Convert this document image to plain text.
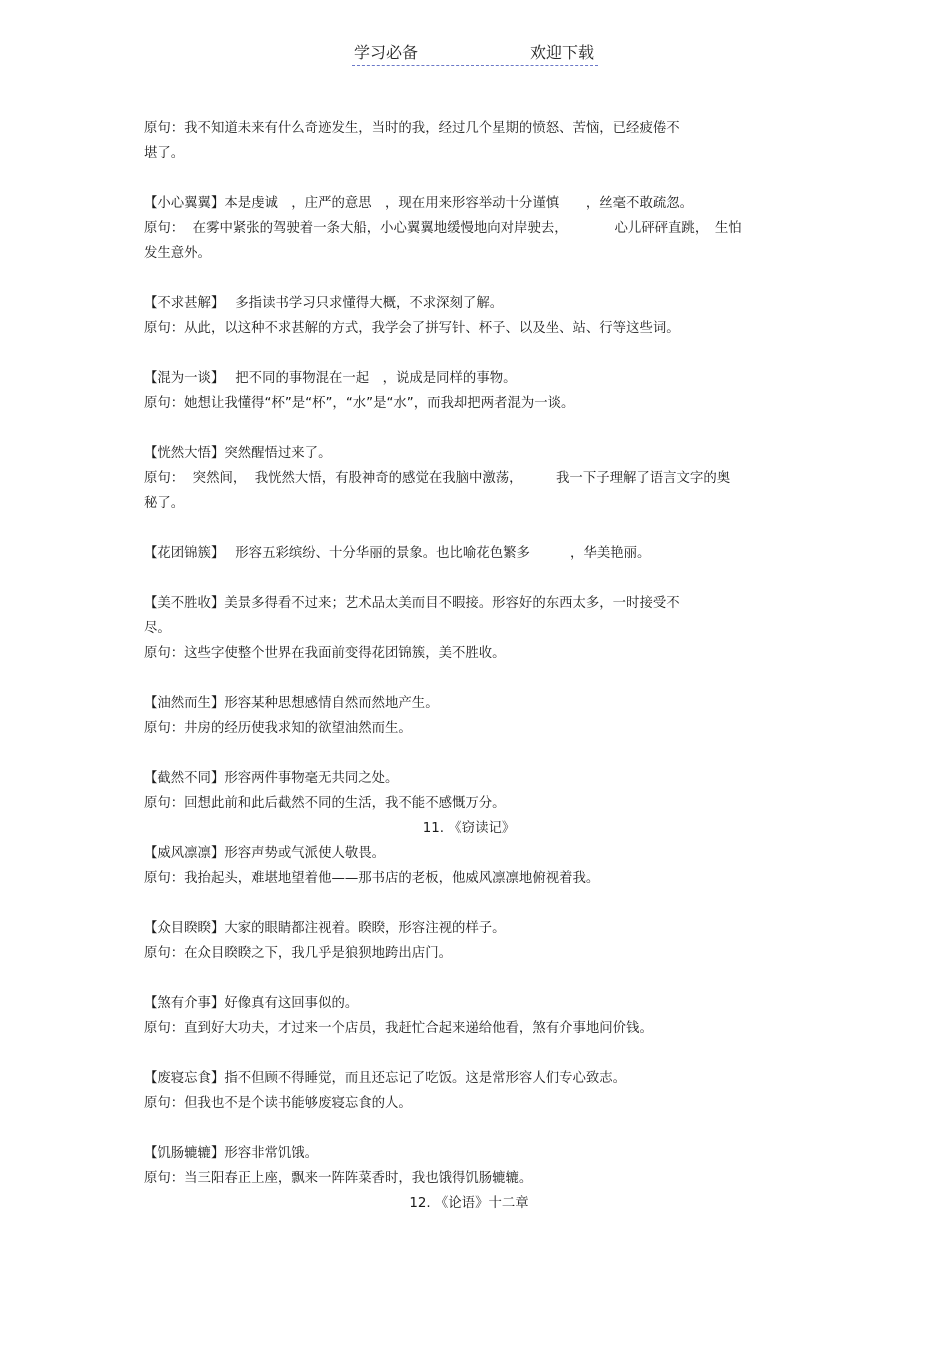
学习必备	欢迎下载
原句：我不知道未来有什么奇迹发生，当时的我，经过几个星期的愤怒、苦恼，已经疲倦不
堪了。
【小心翼翼】本是虔诚　，庄严的意思　，现在用来形容举动十分谨慎　　，丝毫不敢疏忽。
原句：  在雾中紧张的驾驶着一条大船，小心翼翼地缓慢地向对岸驶去，　　　　心儿砰砰直跳，　生怕
发生意外。
【不求甚解】　 多指读书学习只求懂得大概，不求深刻了解。
原句：从此，以这种不求甚解的方式，我学会了拼写针、杯子、以及坐、站、行等这些词。
【混为一谈】　 把不同的事物混在一起　，说成是同样的事物。
原句：她想让我懂得“杯”是“杯”，“水”是“水”，而我却把两者混为一谈。
【恍然大悟】突然醒悟过来了。
原句：  突然间，  我恍然大悟，有股神奇的感觉在我脑中激荡，　　　我一下子理解了语言文字的奥
秘了。
【花团锦簇】　 形容五彩缤纷、十分华丽的景象。也比喻花色繁多　　　，华美艳丽。
【美不胜收】美景多得看不过来；艺术品太美而目不暇接。形容好的东西太多，一时接受不
尽。
原句：这些字使整个世界在我面前变得花团锦簇，美不胜收。
【油然而生】形容某种思想感情自然而然地产生。
原句：井房的经历使我求知的欲望油然而生。
【截然不同】形容两件事物毫无共同之处。
原句：回想此前和此后截然不同的生活，我不能不感慨万分。
11. 《窃读记》
【威风凛凛】形容声势或气派使人敬畏。
原句：我抬起头，难堪地望着他——那书店的老板，他威风凛凛地俯视着我。
【众目睽睽】大家的眼睛都注视着。睽睽，形容注视的样子。
原句：在众目睽睽之下，我几乎是狼狈地跨出店门。
【煞有介事】好像真有这回事似的。
原句：直到好大功夫，才过来一个店员，我赶忙合起来递给他看，煞有介事地问价钱。
【废寝忘食】指不但顾不得睡觉，而且还忘记了吃饭。这是常形容人们专心致志。
原句：但我也不是个读书能够废寝忘食的人。
【饥肠辘辘】形容非常饥饿。
原句：当三阳春正上座，飘来一阵阵菜香时，我也饿得饥肠辘辘。
12. 《论语》十二章
